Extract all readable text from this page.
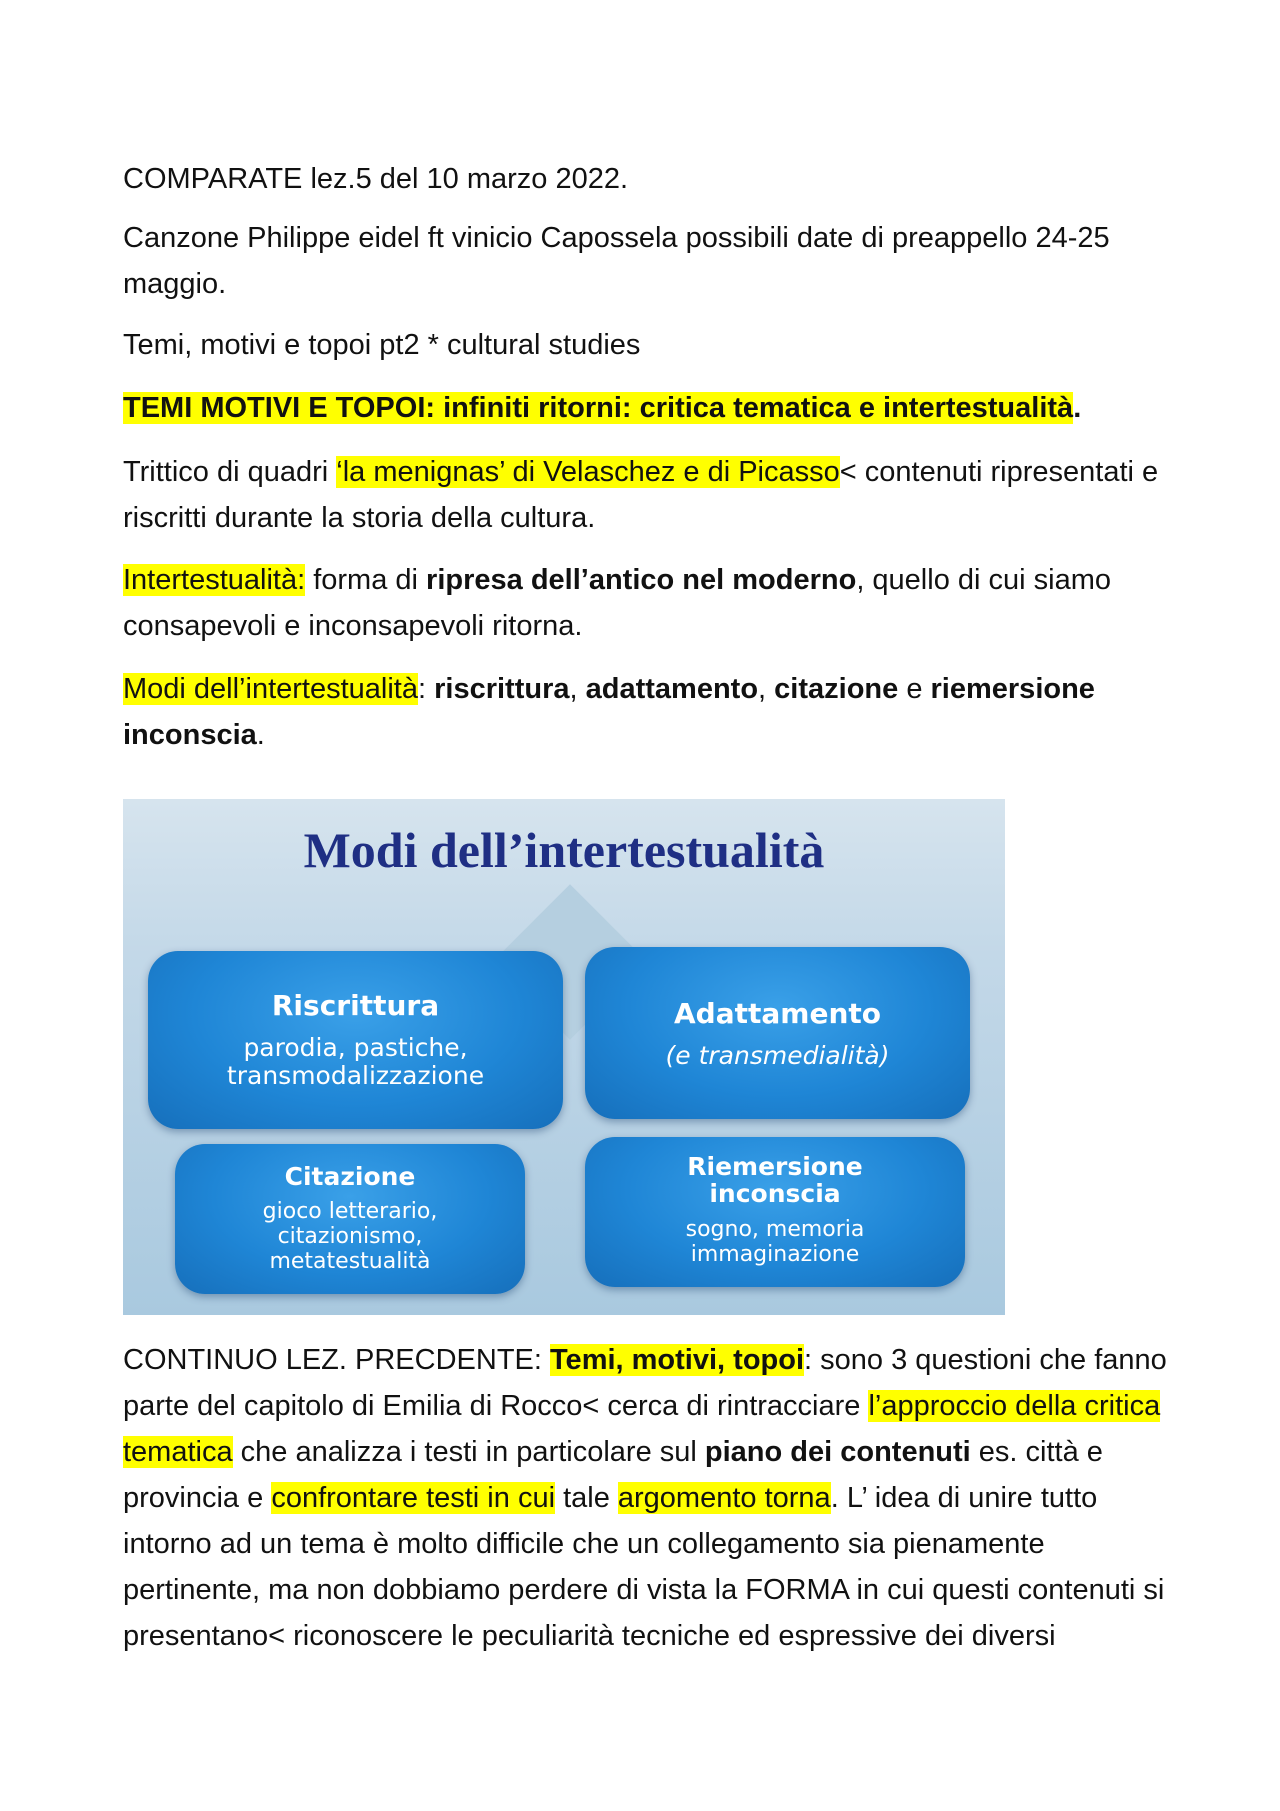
COMPARATE lez.5 del 10 marzo 2022.

Canzone Philippe eidel ft vinicio Capossela possibili date di preappello 24-25 maggio.

Temi, motivi e topoi pt2 * cultural studies

TEMI MOTIVI E TOPOI: infiniti ritorni: critica tematica e intertestualità.

Trittico di quadri ‘la menignas’ di Velaschez e di Picasso< contenuti ripresentati e riscritti durante la storia della cultura.

Intertestualità: forma di ripresa dell’antico nel moderno, quello di cui siamo consapevoli e inconsapevoli ritorna.

Modi dell’intertestualità: riscrittura, adattamento, citazione e riemersione inconscia.

Modi dell’intertestualità
Riscrittura
parodia, pastiche,
transmodalizzazione
Adattamento
(e transmedialità)
Citazione
gioco letterario,
citazionismo,
metatestualità
Riemersione inconscia
sogno, memoria
immaginazione

CONTINUO LEZ. PRECDENTE: Temi, motivi, topoi: sono 3 questioni che fanno parte del capitolo di Emilia di Rocco< cerca di rintracciare l’approccio della critica tematica che analizza i testi in particolare sul piano dei contenuti es. città e provincia e confrontare testi in cui tale argomento torna. L’ idea di unire tutto intorno ad un tema è molto difficile che un collegamento sia pienamente pertinente, ma non dobbiamo perdere di vista la FORMA in cui questi contenuti si presentano< riconoscere le peculiarità tecniche ed espressive dei diversi
